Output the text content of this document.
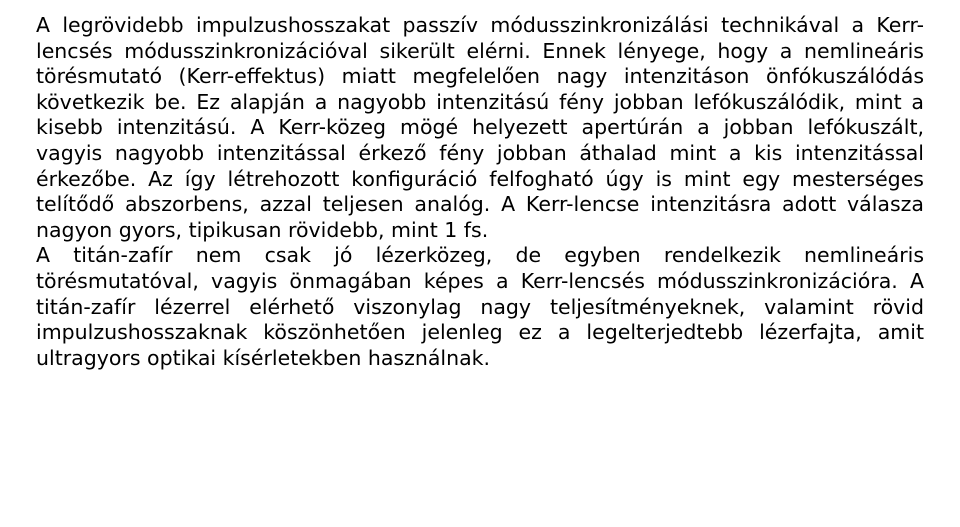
A legrövidebb impulzushosszakat passzív módusszinkronizálási technikával a Kerr-lencsés módusszinkronizációval sikerült elérni. Ennek lényege, hogy a nemlineáris törésmutató (Kerr-effektus) miatt megfelelően nagy intenzitáson önfókuszálódás következik be. Ez alapján a nagyobb intenzitású fény jobban lefókuszálódik, mint a kisebb intenzitású. A Kerr-közeg mögé helyezett apertúrán a jobban lefókuszált, vagyis nagyobb intenzitással érkező fény jobban áthalad mint a kis intenzitással érkezőbe. Az így létrehozott konfiguráció felfogható úgy is mint egy mesterséges telítődő abszorbens, azzal teljesen analóg. A Kerr-lencse intenzitásra adott válasza nagyon gyors, tipikusan rövidebb, mint 1 fs.

A titán-zafír nem csak jó lézerközeg, de egyben rendelkezik nemlineáris törésmutatóval, vagyis önmagában képes a Kerr-lencsés módusszinkronizációra. A titán-zafír lézerrel elérhető viszonylag nagy teljesítményeknek, valamint rövid impulzushosszaknak köszönhetően jelenleg ez a legelterjedtebb lézerfajta, amit ultragyors optikai kísérletekben használnak.
